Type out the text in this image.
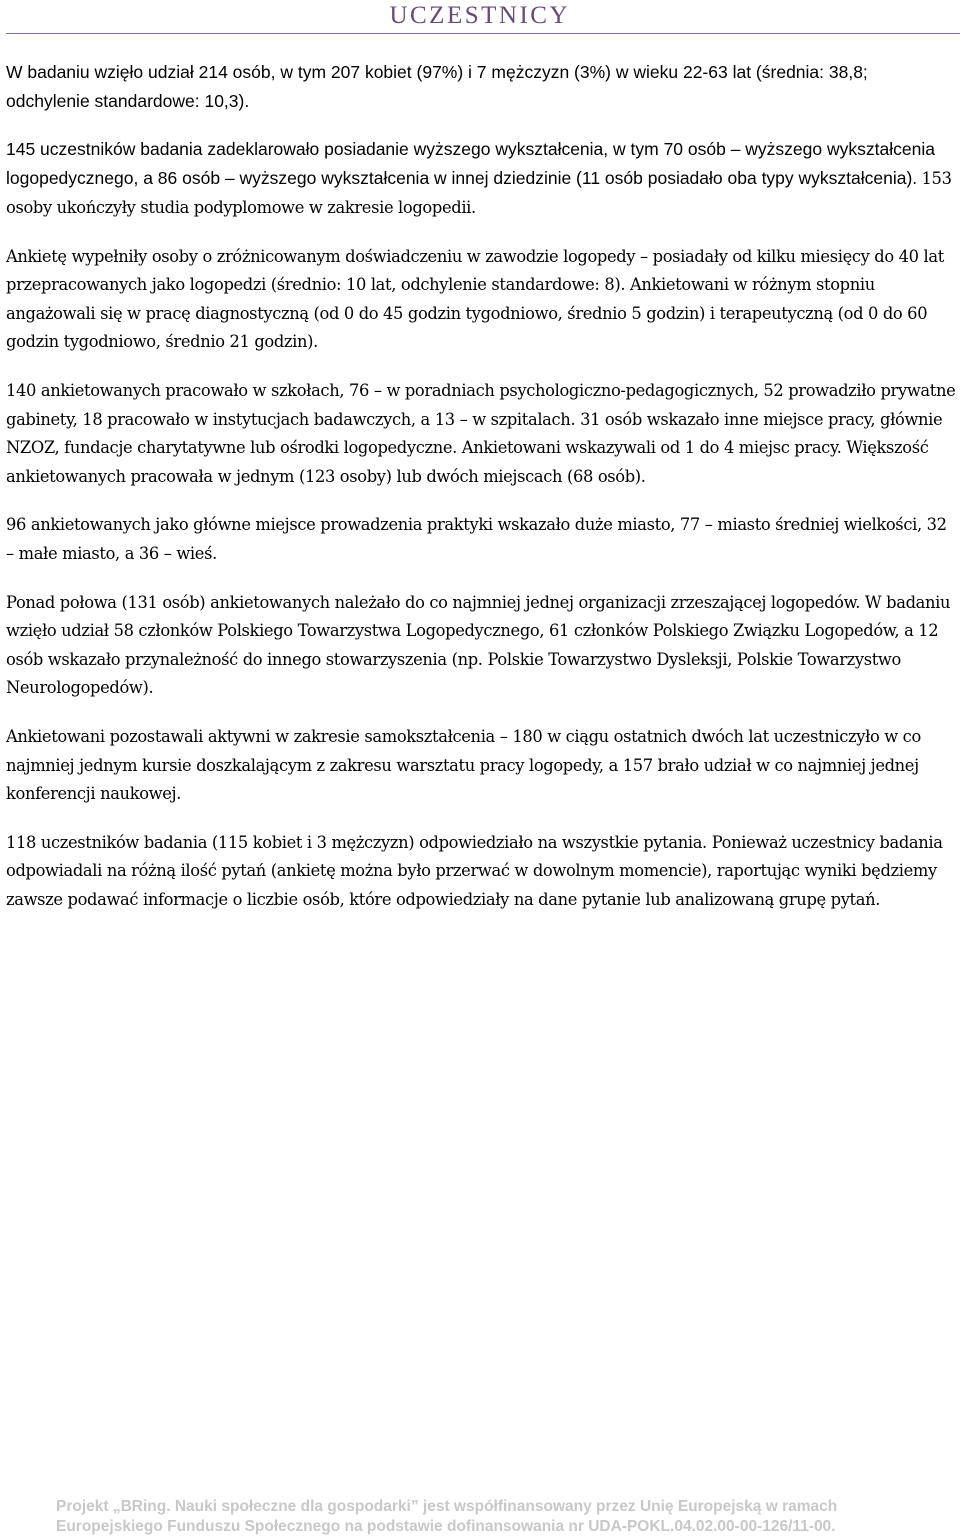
UCZESTNICY

W badaniu wzięło udział 214 osób, w tym 207 kobiet (97%) i 7 mężczyzn (3%) w wieku 22-63 lat (średnia: 38,8; odchylenie standardowe: 10,3).

145 uczestników badania zadeklarowało posiadanie wyższego wykształcenia, w tym 70 osób – wyższego wykształcenia logopedycznego, a 86 osób – wyższego wykształcenia w innej dziedzinie (11 osób posiadało oba typy wykształcenia). 153 osoby ukończyły studia podyplomowe w zakresie logopedii.

Ankietę wypełniły osoby o zróżnicowanym doświadczeniu w zawodzie logopedy – posiadały od kilku miesięcy do 40 lat przepracowanych jako logopedzi (średnio: 10 lat, odchylenie standardowe: 8). Ankietowani w różnym stopniu angażowali się w pracę diagnostyczną (od 0 do 45 godzin tygodniowo, średnio 5 godzin) i terapeutyczną (od 0 do 60 godzin tygodniowo, średnio 21 godzin).

140 ankietowanych pracowało w szkołach, 76 – w poradniach psychologiczno-pedagogicznych, 52 prowadziło prywatne gabinety, 18 pracowało w instytucjach badawczych, a 13 – w szpitalach. 31 osób wskazało inne miejsce pracy, głównie NZOZ, fundacje charytatywne lub ośrodki logopedyczne. Ankietowani wskazywali od 1 do 4 miejsc pracy. Większość ankietowanych pracowała w jednym (123 osoby) lub dwóch miejscach (68 osób).

96 ankietowanych jako główne miejsce prowadzenia praktyki wskazało duże miasto, 77 – miasto średniej wielkości, 32 – małe miasto, a 36 – wieś.

Ponad połowa (131 osób) ankietowanych należało do co najmniej jednej organizacji zrzeszającej logopedów. W badaniu wzięło udział 58 członków Polskiego Towarzystwa Logopedycznego, 61 członków Polskiego Związku Logopedów, a 12 osób wskazało przynależność do innego stowarzyszenia (np. Polskie Towarzystwo Dysleksji, Polskie Towarzystwo Neurologopedów).

Ankietowani pozostawali aktywni w zakresie samokształcenia – 180 w ciągu ostatnich dwóch lat uczestniczyło w co najmniej jednym kursie doszkalającym z zakresu warsztatu pracy logopedy, a 157 brało udział w co najmniej jednej konferencji naukowej.

118 uczestników badania (115 kobiet i 3 mężczyzn) odpowiedziało na wszystkie pytania. Ponieważ uczestnicy badania odpowiadali na różną ilość pytań (ankietę można było przerwać w dowolnym momencie), raportując wyniki będziemy zawsze podawać informacje o liczbie osób, które odpowiedziały na dane pytanie lub analizowaną grupę pytań.

Projekt „BRing. Nauki społeczne dla gospodarki” jest współfinansowany przez Unię Europejską w ramach
Europejskiego Funduszu Społecznego na podstawie dofinansowania nr UDA-POKL.04.02.00-00-126/11-00.
